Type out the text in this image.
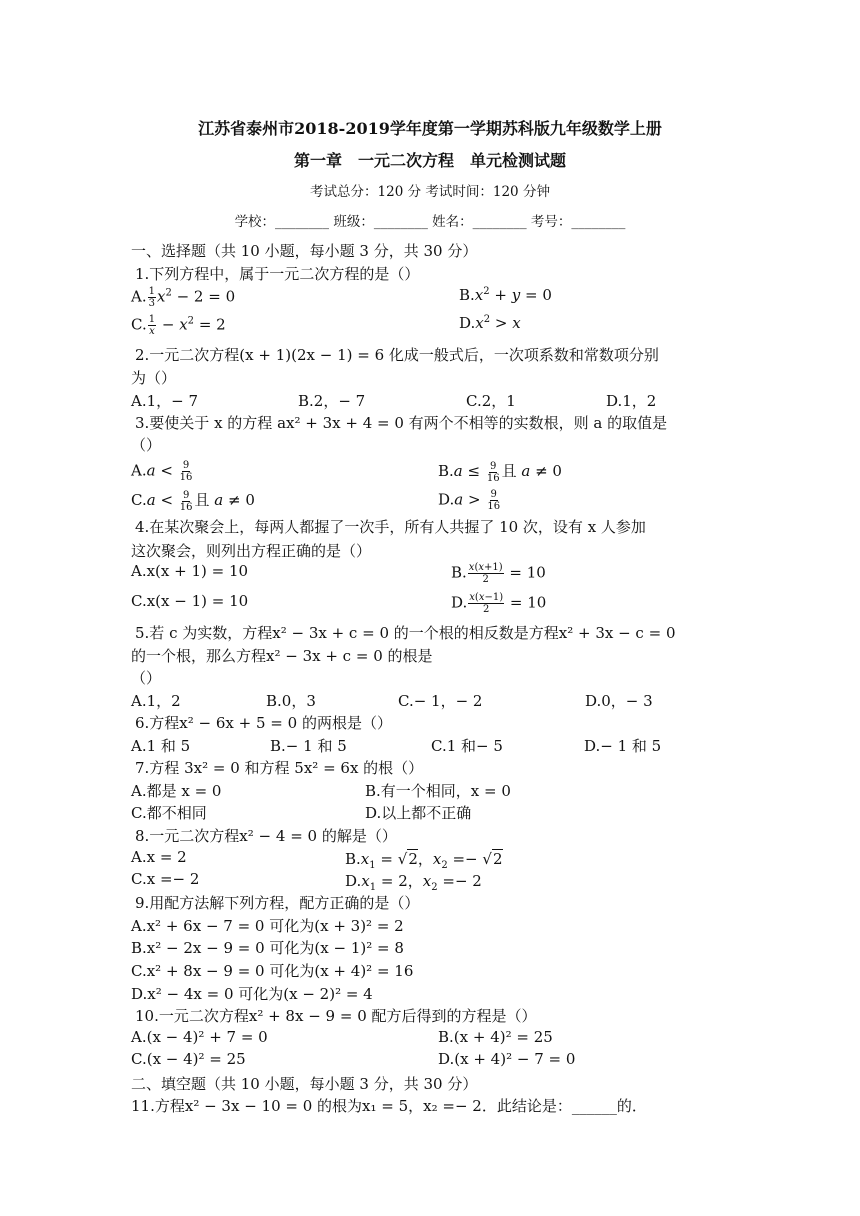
江苏省泰州市2018-2019学年度第一学期苏科版九年级数学上册
第一章　一元二次方程　单元检测试题
考试总分：120 分 考试时间：120 分钟
学校：________ 班级：________ 姓名：________ 考号：________
一、选择题（共 10 小题，每小题 3 分，共 30 分）
1.下列方程中，属于一元二次方程的是（）
A. $\frac{1}{3} x^2 - 2 = 0$	$B.x^2 + y = 0$
C. $\frac{1}{x} - x^2 = 2$	$D.x^2 > x$
2.一元二次方程(x + 1)(2x − 1) = 6 化成一般式后，一次项系数和常数项分别
为（）
A.1，− 7	B.2，− 7	C.2，1	D.1，2
3.要使关于 x 的方程 ax² + 3x + 4 = 0 有两个不相等的实数根，则 a 的取值是
（）
$A.a < \frac{9}{16}$	$B.a \le \frac{9}{16}$ 且 a ≠ 0
$C.a < \frac{9}{16}$ 且 a ≠ 0	$D.a > \frac{9}{16}$
4.在某次聚会上，每两人都握了一次手，所有人共握了 10 次，设有 x 人参加
这次聚会，则列出方程正确的是（）
A.x(x + 1) = 10	B. $\frac{x(x+1)}{2} = 10$
C.x(x − 1) = 10	D. $\frac{x(x-1)}{2} = 10$
5.若 c 为实数，方程x² − 3x + c = 0 的一个根的相反数是方程x² + 3x − c = 0
的一个根，那么方程x² − 3x + c = 0 的根是
（）
A.1，2	B.0，3	C.− 1，− 2	D.0，− 3
6.方程x² − 6x + 5 = 0 的两根是（）
A.1 和 5	B.− 1 和 5	C.1 和− 5	D.− 1 和 5
7.方程 3x² = 0 和方程 5x² = 6x 的根（）
A.都是 x = 0	B.有一个相同，x = 0
C.都不相同	D.以上都不正确
8.一元二次方程x² − 4 = 0 的解是（）
A.x = 2	$B.x_1 = √2$，$x_2 =- √2$
C.x =− 2	$D.x_1 = 2$，$x_2 =- 2$
9.用配方法解下列方程，配方正确的是（）
A.x² + 6x − 7 = 0 可化为(x + 3)² = 2
B.x² − 2x − 9 = 0 可化为(x − 1)² = 8
C.x² + 8x − 9 = 0 可化为(x + 4)² = 16
D.x² − 4x = 0 可化为(x − 2)² = 4
10.一元二次方程x² + 8x − 9 = 0 配方后得到的方程是（）
A.(x − 4)² + 7 = 0	B.(x + 4)² = 25
C.(x − 4)² = 25	D.(x + 4)² − 7 = 0
二、填空题（共 10 小题，每小题 3 分，共 30 分）
11.方程x² − 3x − 10 = 0 的根为x₁ = 5，x₂ =− 2．此结论是：______的．
